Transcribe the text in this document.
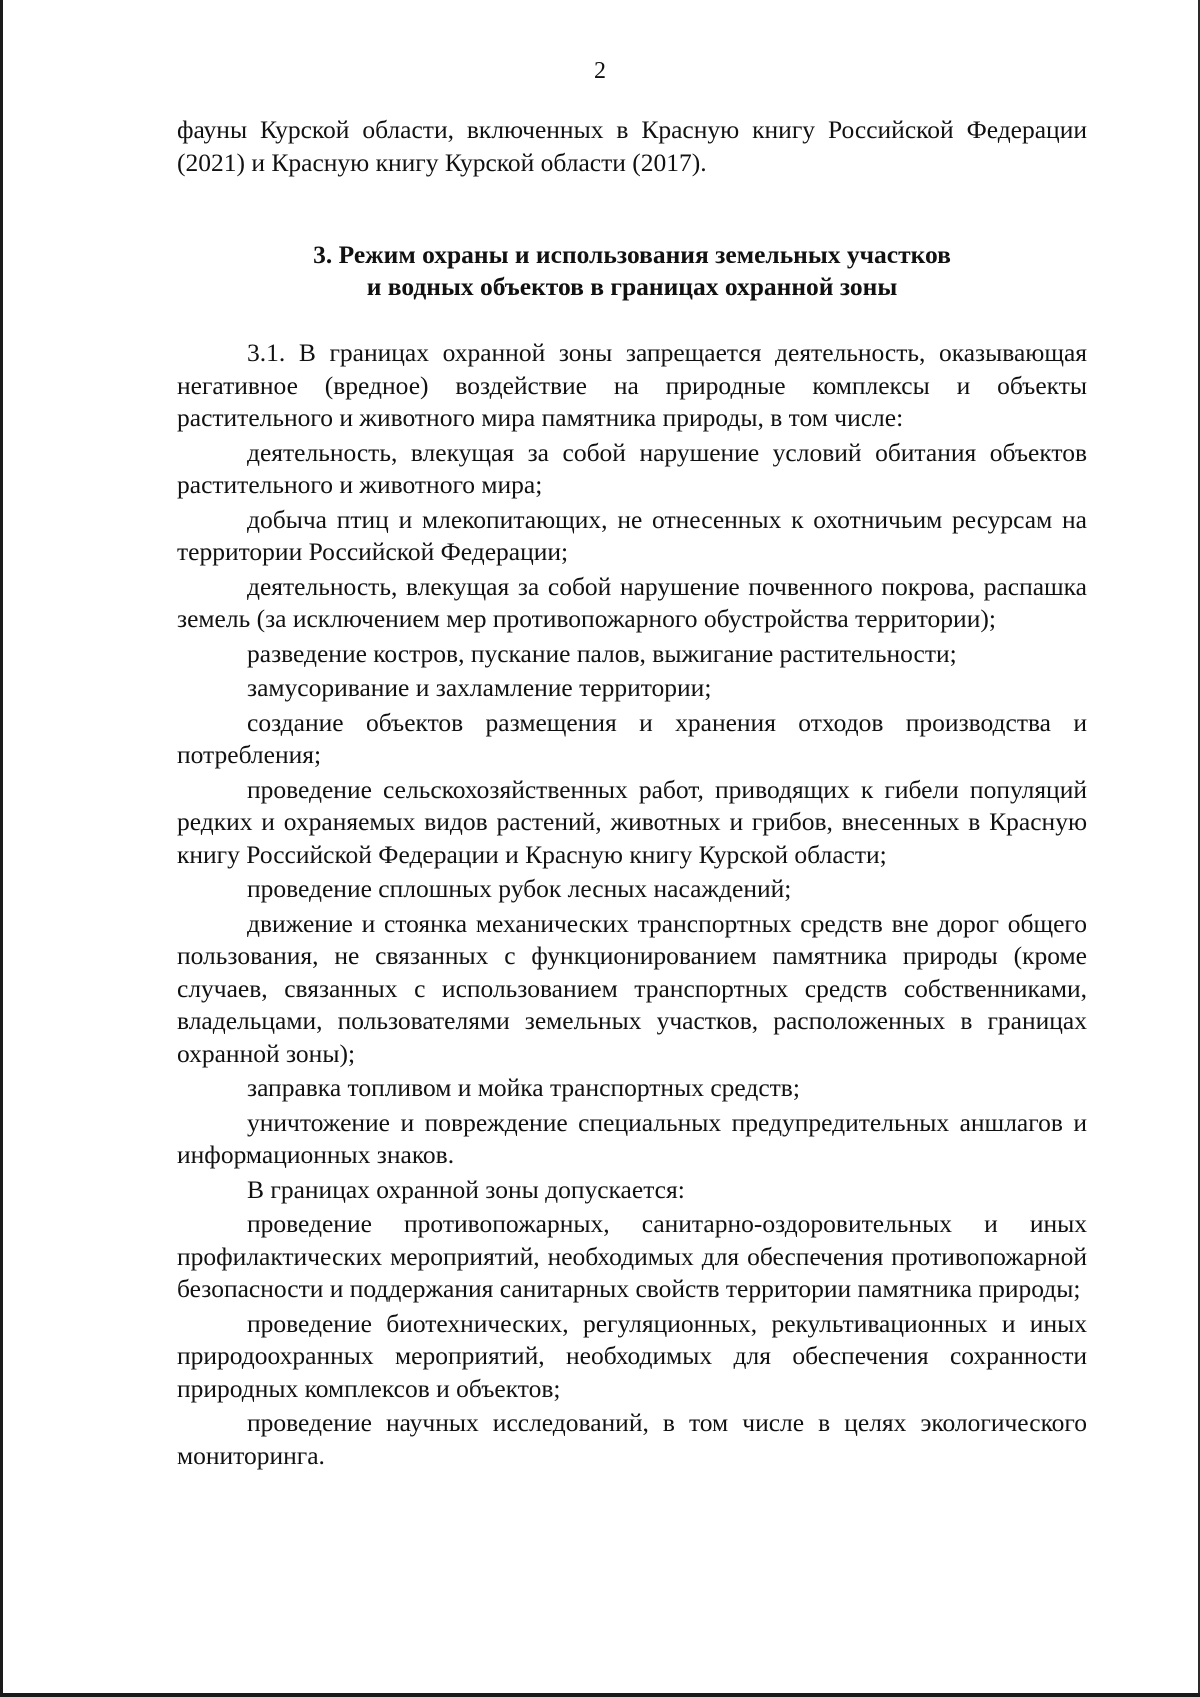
2

фауны Курской области, включенных в Красную книгу Российской Федерации (2021) и Красную книгу Курской области (2017).

3. Режим охраны и использования земельных участков
и водных объектов в границах охранной зоны

3.1. В границах охранной зоны запрещается деятельность, оказывающая негативное (вредное) воздействие на природные комплексы и объекты растительного и животного мира памятника природы, в том числе:

деятельность, влекущая за собой нарушение условий обитания объектов растительного и животного мира;

добыча птиц и млекопитающих, не отнесенных к охотничьим ресурсам на территории Российской Федерации;

деятельность, влекущая за собой нарушение почвенного покрова, распашка земель (за исключением мер противопожарного обустройства территории);

разведение костров, пускание палов, выжигание растительности;

замусоривание и захламление территории;

создание объектов размещения и хранения отходов производства и потребления;

проведение сельскохозяйственных работ, приводящих к гибели популяций редких и охраняемых видов растений, животных и грибов, внесенных в Красную книгу Российской Федерации и Красную книгу Курской области;

проведение сплошных рубок лесных насаждений;

движение и стоянка механических транспортных средств вне дорог общего пользования, не связанных с функционированием памятника природы (кроме случаев, связанных с использованием транспортных средств собственниками, владельцами, пользователями земельных участков, расположенных в границах охранной зоны);

заправка топливом и мойка транспортных средств;

уничтожение и повреждение специальных предупредительных аншлагов и информационных знаков.

В границах охранной зоны допускается:

проведение противопожарных, санитарно-оздоровительных и иных профилактических мероприятий, необходимых для обеспечения противопожарной безопасности и поддержания санитарных свойств территории памятника природы;

проведение биотехнических, регуляционных, рекультивационных и иных природоохранных мероприятий, необходимых для обеспечения сохранности природных комплексов и объектов;

проведение научных исследований, в том числе в целях экологического мониторинга.
